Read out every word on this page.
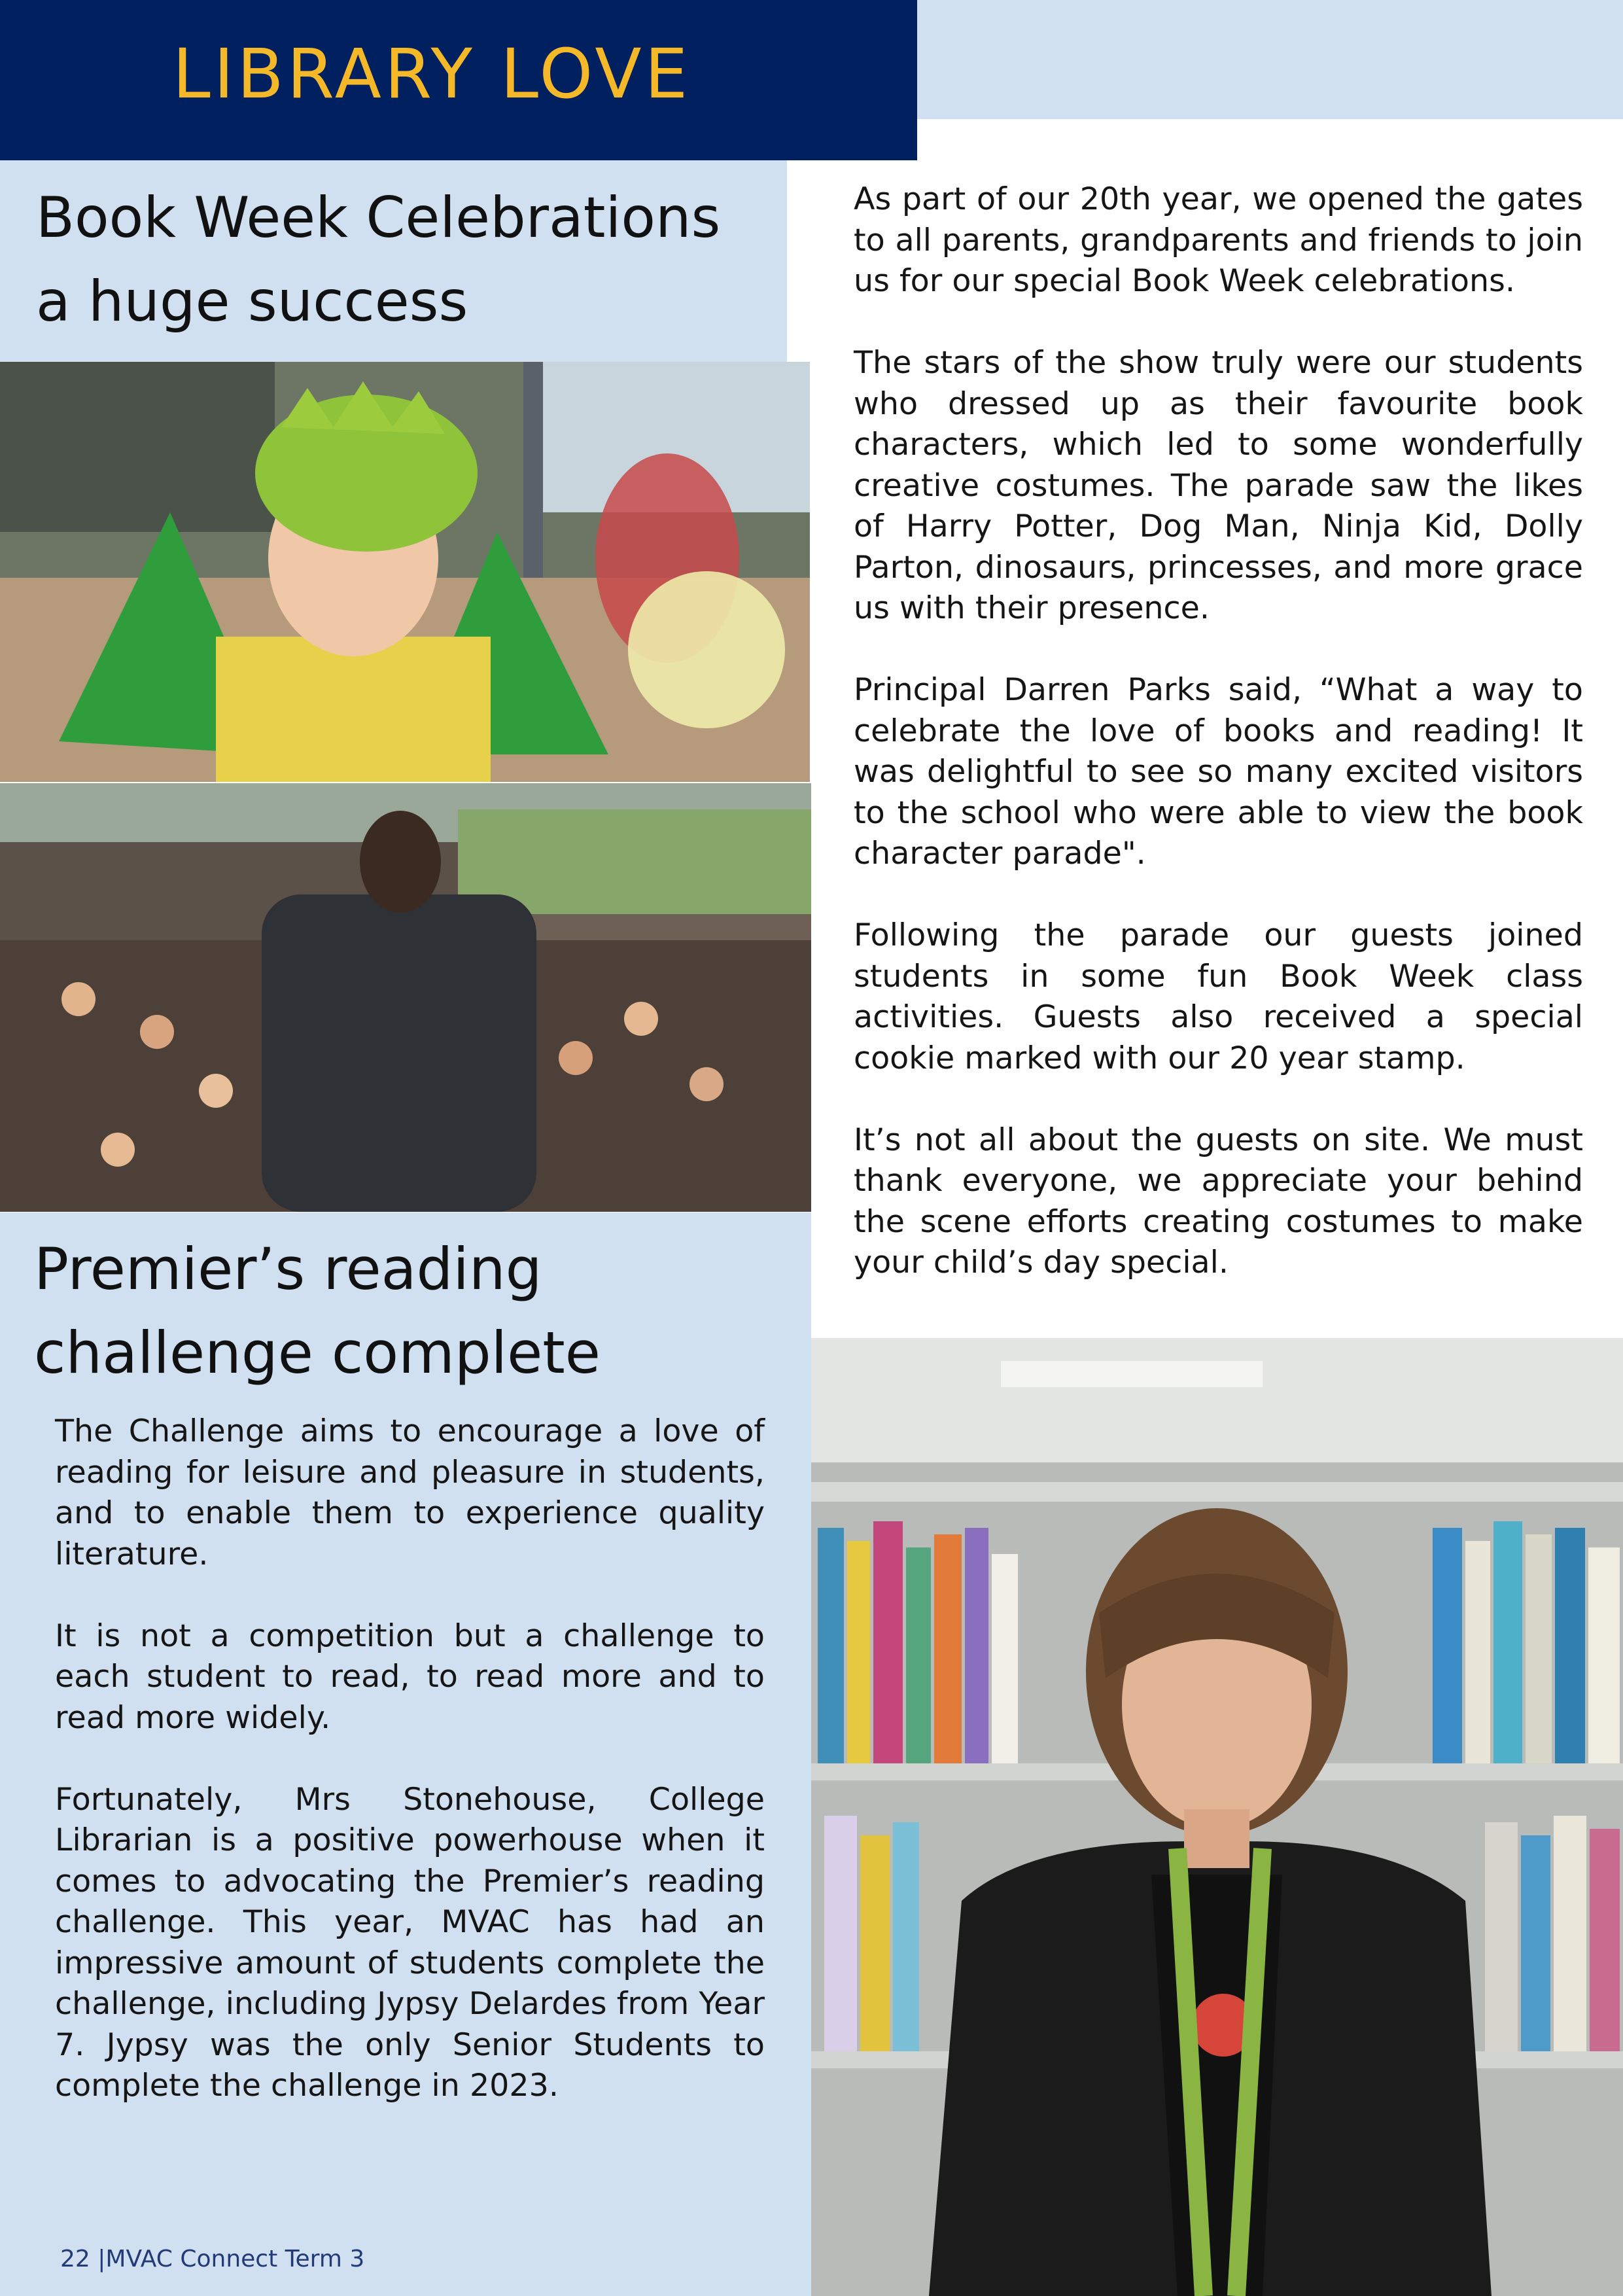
LIBRARY LOVE
Book Week Celebrations
a huge success

As part of our 20th year, we opened the gates to all parents, grandparents and friends to join us for our special Book Week celebrations.

The stars of the show truly were our students who dressed up as their favourite book characters, which led to some wonderfully creative costumes. The parade saw the likes of Harry Potter, Dog Man, Ninja Kid, Dolly Parton, dinosaurs, princesses, and more grace us with their presence.

Principal Darren Parks said, “What a way to celebrate the love of books and reading! It was delightful to see so many excited visitors to the school who were able to view the book character parade".

Following the parade our guests joined students in some fun Book Week class activities. Guests also received a special cookie marked with our 20 year stamp.

It’s not all about the guests on site. We must thank everyone, we appreciate your behind the scene efforts creating costumes to make your child’s day special.

Premier’s reading
challenge complete

The Challenge aims to encourage a love of reading for leisure and pleasure in students, and to enable them to experience quality literature.

It is not a competition but a challenge to each student to read, to read more and to read more widely.

Fortunately, Mrs Stonehouse, College Librarian is a positive powerhouse when it comes to advocating the Premier’s reading challenge. This year, MVAC has had an impressive amount of students complete the challenge, including Jypsy Delardes from Year 7. Jypsy was the only Senior Students to complete the challenge in 2023.

22 |MVAC Connect Term 3
